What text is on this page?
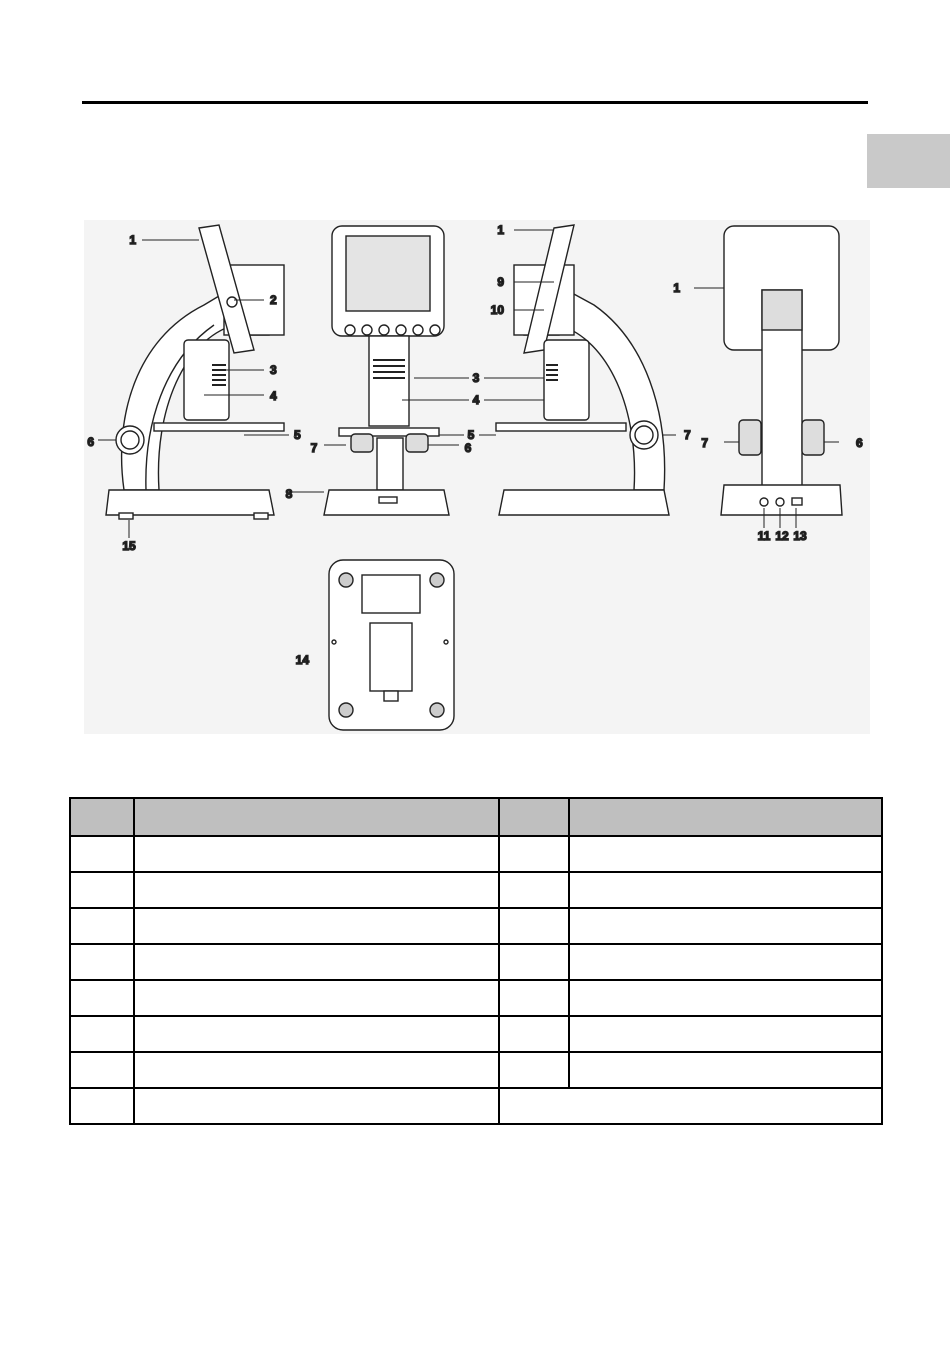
1
2
3
4
5
6
15
3
4
5
6
7
8
1
9
10
7
1
7	6
11 12 13
14
